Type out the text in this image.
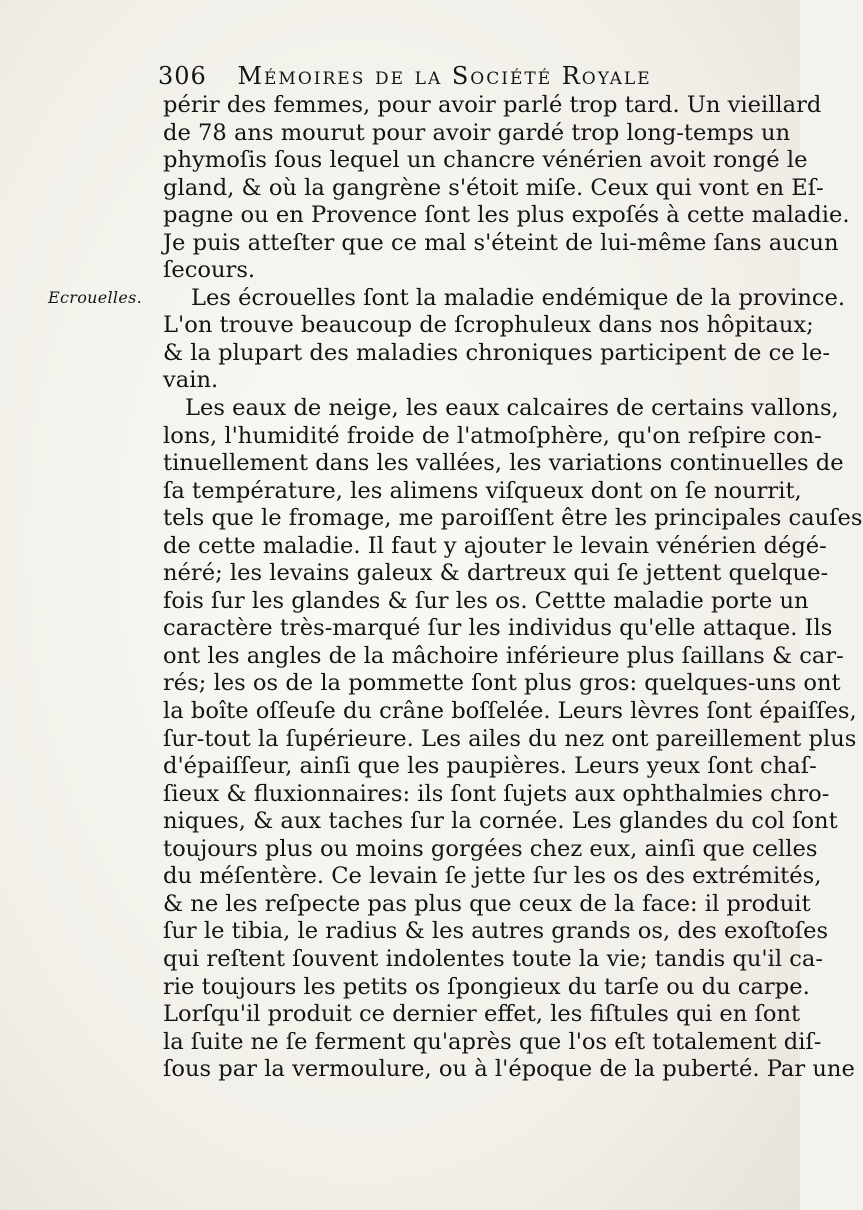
306 Mémoires de la Société Royale
Ecrouelles.
périr des femmes, pour avoir parlé trop tard. Un vieillard
de 78 ans mourut pour avoir gardé trop long-temps un
phymoſis ſous lequel un chancre vénérien avoit rongé le
gland, & où la gangrène s'étoit miſe. Ceux qui vont en Eſ-
pagne ou en Provence ſont les plus expoſés à cette maladie.
Je puis atteſter que ce mal s'éteint de lui-même ſans aucun
ſecours.
Les écrouelles ſont la maladie endémique de la province.
L'on trouve beaucoup de ſcrophuleux dans nos hôpitaux;
& la plupart des maladies chroniques participent de ce le-
vain.
Les eaux de neige, les eaux calcaires de certains vallons,
lons, l'humidité froide de l'atmoſphère, qu'on reſpire con-
tinuellement dans les vallées, les variations continuelles de
ſa température, les alimens viſqueux dont on ſe nourrit,
tels que le fromage, me paroiſſent être les principales cauſes
de cette maladie. Il faut y ajouter le levain vénérien dégé-
néré; les levains galeux & dartreux qui ſe jettent quelque-
fois ſur les glandes & ſur les os. Cettte maladie porte un
caractère très-marqué ſur les individus qu'elle attaque. Ils
ont les angles de la mâchoire inférieure plus ſaillans & car-
rés; les os de la pommette ſont plus gros: quelques-uns ont
la boîte oſſeuſe du crâne boſſelée. Leurs lèvres ſont épaiſſes,
ſur-tout la ſupérieure. Les ailes du nez ont pareillement plus
d'épaiſſeur, ainſi que les paupières. Leurs yeux ſont chaſ-
ſieux & fluxionnaires: ils ſont ſujets aux ophthalmies chro-
niques, & aux taches ſur la cornée. Les glandes du col ſont
toujours plus ou moins gorgées chez eux, ainſi que celles
du méſentère. Ce levain ſe jette ſur les os des extrémités,
& ne les reſpecte pas plus que ceux de la face: il produit
ſur le tibia, le radius & les autres grands os, des exoſtoſes
qui reſtent ſouvent indolentes toute la vie; tandis qu'il ca-
rie toujours les petits os ſpongieux du tarſe ou du carpe.
Lorſqu'il produit ce dernier effet, les fiſtules qui en ſont
la ſuite ne ſe ferment qu'après que l'os eſt totalement diſ-
ſous par la vermoulure, ou à l'époque de la puberté. Par une
